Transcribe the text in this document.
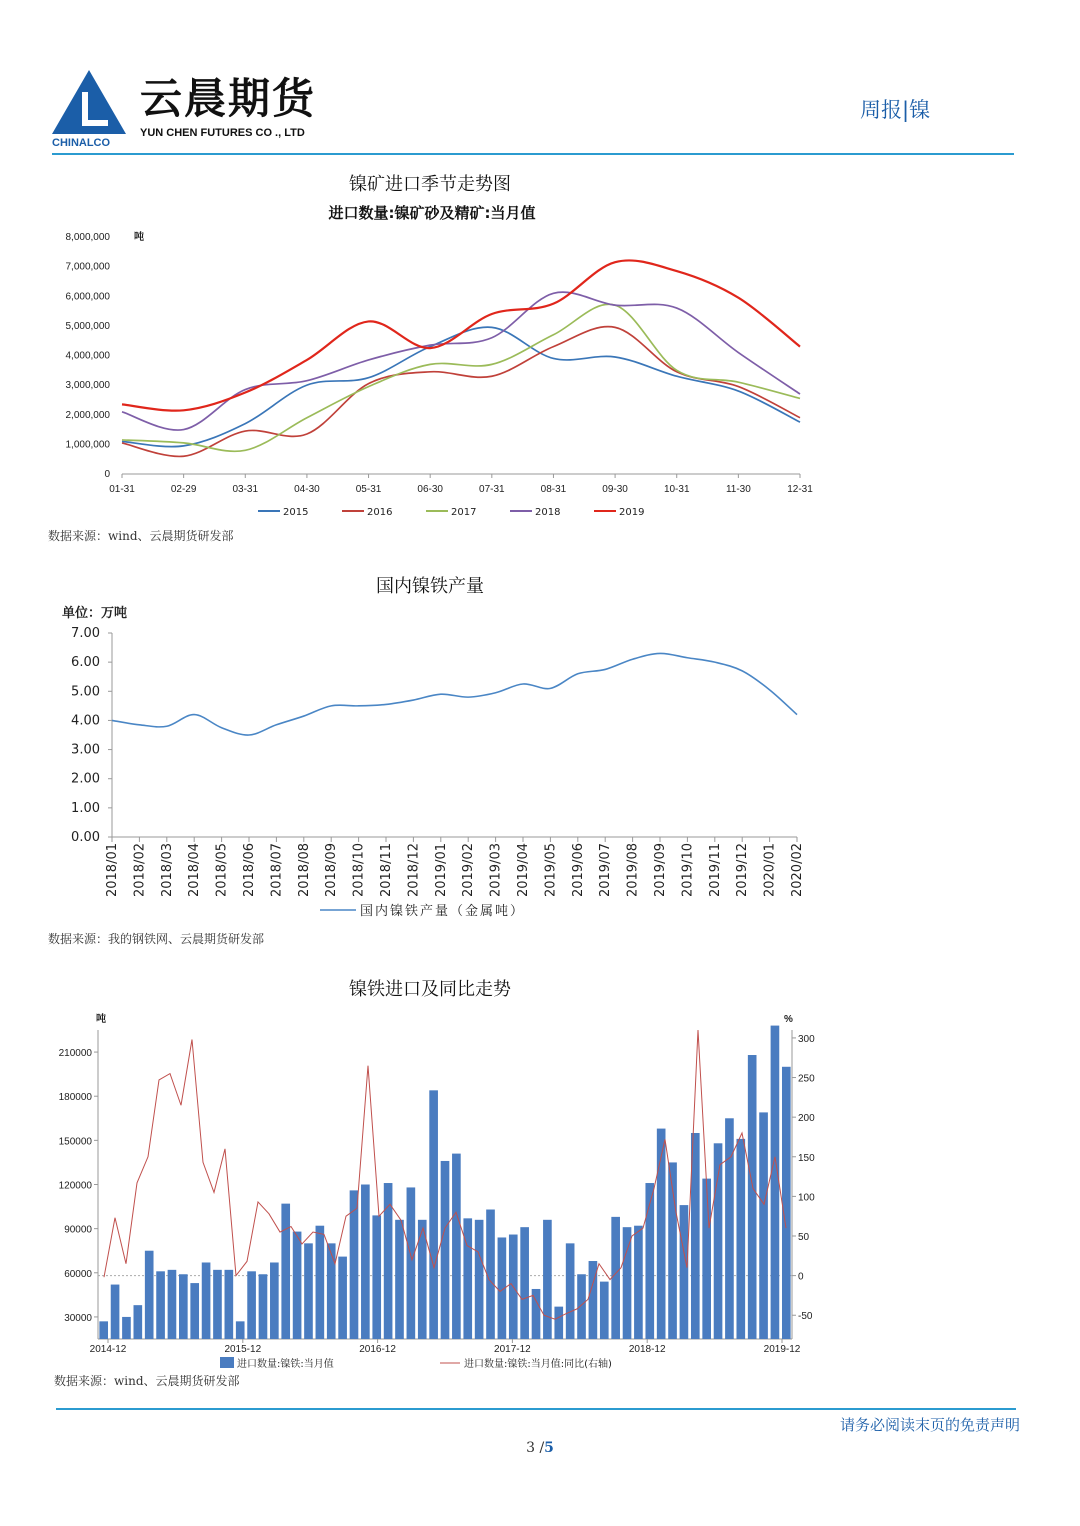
云晨期货
YUN CHEN FUTURES CO ., LTD
CHINALCO
周报|镍
镍矿进口季节走势图
进口数量:镍矿砂及精矿:当月值
0
1,000,000
2,000,000
3,000,000
4,000,000
5,000,000
6,000,000
7,000,000
8,000,000 吨
01-31	02-29	03-31	04-30	05-31	06-30	07-31	08-31	09-30	10-31	11-30	12-31
2015	2016	2017	2018	2019
数据来源：wind、云晨期货研发部
国内镍铁产量
单位：万吨
0.00
1.00
2.00
3.00
4.00
5.00
6.00
7.00
2018/01 2018/02 2018/03 2018/04 2018/05 2018/06 2018/07 2018/08 2018/09 2018/10 2018/11 2018/12 2019/01 2019/02 2019/03 2019/04 2019/05 2019/06 2019/07 2019/08 2019/09 2019/10 2019/11 2019/12 2020/01 2020/02
国内镍铁产量（金属吨）
数据来源：我的钢铁网、云晨期货研发部
镍铁进口及同比走势
吨	%
30000
60000
90000
120000
150000
180000
210000
-50
0
50
100
150
200
250
300
2014-12	2015-12	2016-12	2017-12	2018-12	2019-12
进口数量:镍铁:当月值	进口数量:镍铁:当月值:同比(右轴)
数据来源：wind、云晨期货研发部
请务必阅读末页的免责声明
3 /5
